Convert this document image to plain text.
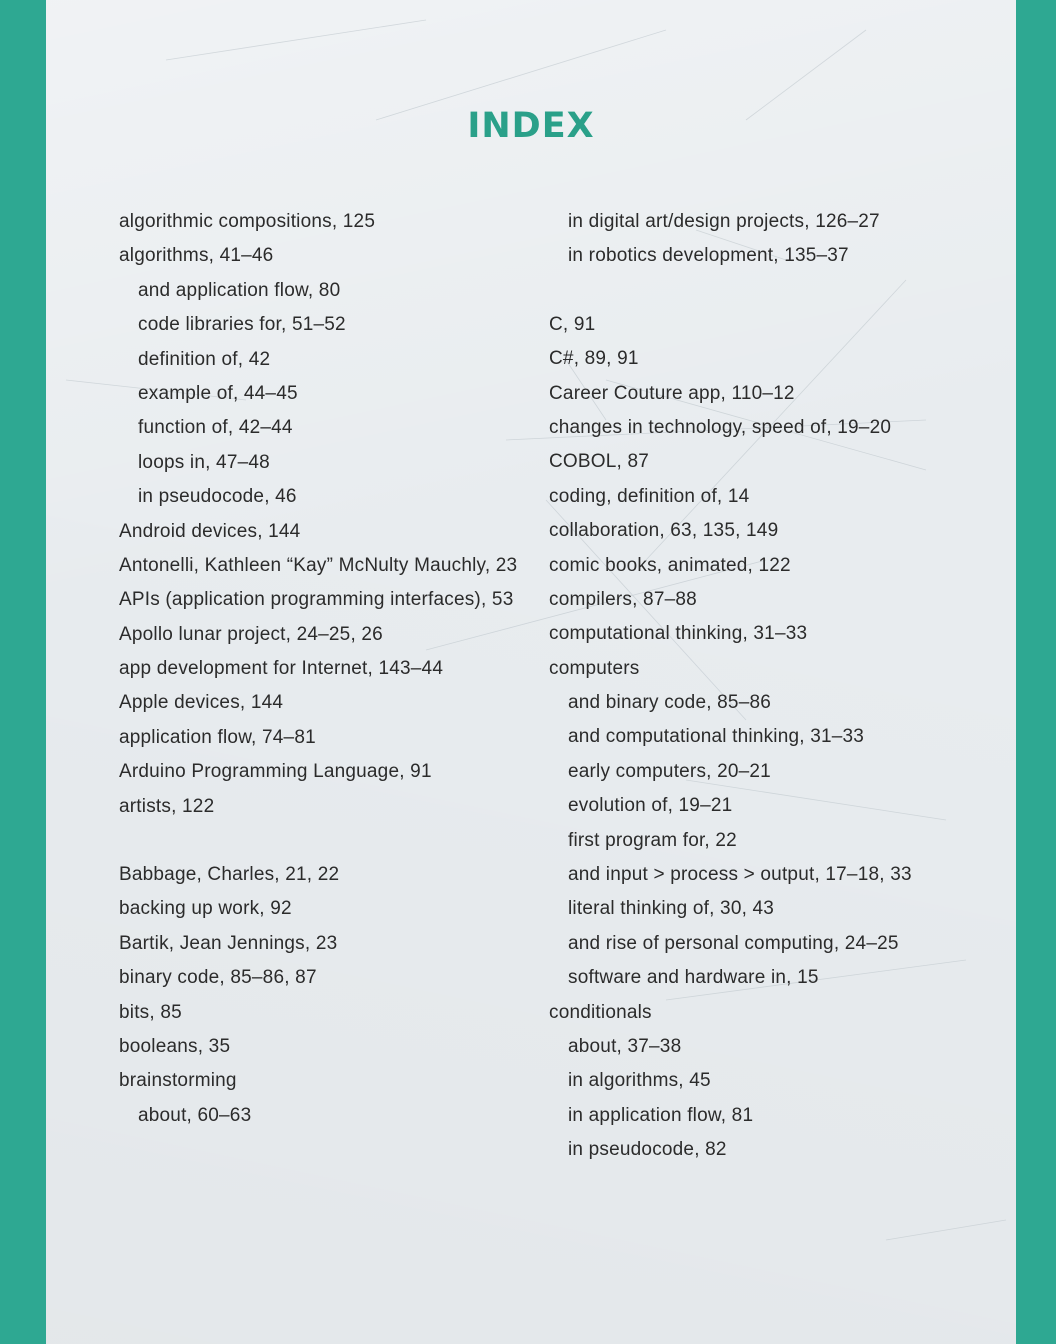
INDEX
algorithmic compositions, 125
algorithms, 41–46
and application flow, 80
code libraries for, 51–52
definition of, 42
example of, 44–45
function of, 42–44
loops in, 47–48
in pseudocode, 46
Android devices, 144
Antonelli, Kathleen “Kay” McNulty Mauchly, 23
APIs (application programming interfaces), 53
Apollo lunar project, 24–25, 26
app development for Internet, 143–44
Apple devices, 144
application flow, 74–81
Arduino Programming Language, 91
artists, 122
Babbage, Charles, 21, 22
backing up work, 92
Bartik, Jean Jennings, 23
binary code, 85–86, 87
bits, 85
booleans, 35
brainstorming
about, 60–63
in digital art/design projects, 126–27
in robotics development, 135–37
C, 91
C#, 89, 91
Career Couture app, 110–12
changes in technology, speed of, 19–20
COBOL, 87
coding, definition of, 14
collaboration, 63, 135, 149
comic books, animated, 122
compilers, 87–88
computational thinking, 31–33
computers
and binary code, 85–86
and computational thinking, 31–33
early computers, 20–21
evolution of, 19–21
first program for, 22
and input > process > output, 17–18, 33
literal thinking of, 30, 43
and rise of personal computing, 24–25
software and hardware in, 15
conditionals
about, 37–38
in algorithms, 45
in application flow, 81
in pseudocode, 82
